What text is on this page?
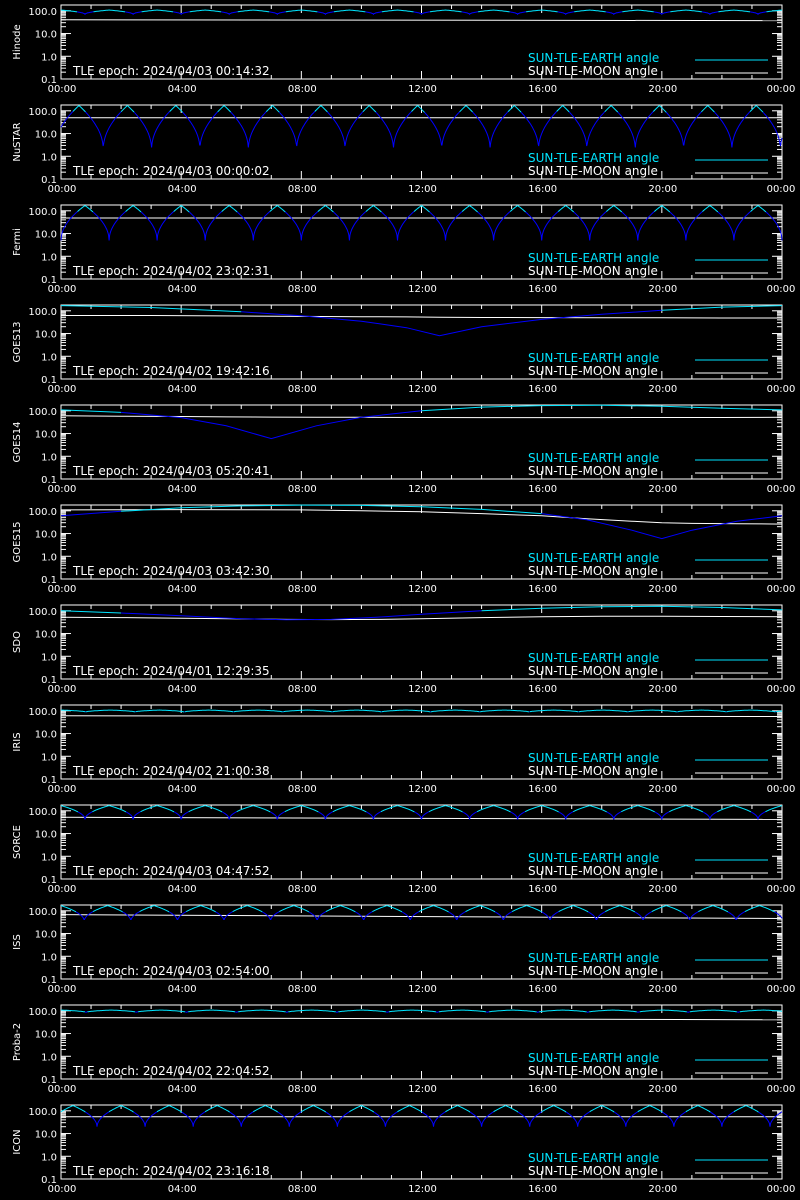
0.1
1.0
10.0
100.0
00:00	04:00	08:00	12:00	16:00	20:00	00:00
Hinode	SUN-TLE-EARTH angle
SUN-TLE-MOON angle
TLE epoch: 2024/04/03 00:14:32
0.1
1.0
10.0
100.0
00:00	04:00	08:00	12:00	16:00	20:00	00:00
NuSTAR	SUN-TLE-EARTH angle
SUN-TLE-MOON angle
TLE epoch: 2024/04/03 00:00:02
0.1
1.0
10.0
100.0
00:00	04:00	08:00	12:00	16:00	20:00	00:00
Fermi
SUN-TLE-EARTH angle
SUN-TLE-MOON angle
TLE epoch: 2024/04/02 23:02:31
0.1
1.0
10.0
100.0
00:00	04:00	08:00	12:00	16:00	20:00	00:00
GOES13	SUN-TLE-EARTH angle
SUN-TLE-MOON angle
TLE epoch: 2024/04/02 19:42:16
0.1
1.0
10.0
100.0
00:00	04:00	08:00	12:00	16:00	20:00	00:00
GOES14	SUN-TLE-EARTH angle
SUN-TLE-MOON angle
TLE epoch: 2024/04/03 05:20:41
0.1
1.0
10.0
100.0
00:00	04:00	08:00	12:00	16:00	20:00	00:00
GOES15	SUN-TLE-EARTH angle
SUN-TLE-MOON angle
TLE epoch: 2024/04/03 03:42:30
0.1
1.0
10.0
100.0
00:00	04:00	08:00	12:00	16:00	20:00	00:00
SDO
SUN-TLE-EARTH angle
SUN-TLE-MOON angle
TLE epoch: 2024/04/01 12:29:35
0.1
1.0
10.0
100.0
00:00	04:00	08:00	12:00	16:00	20:00	00:00
IRIS
SUN-TLE-EARTH angle
SUN-TLE-MOON angle
TLE epoch: 2024/04/02 21:00:38
0.1
1.0
10.0
100.0
00:00	04:00	08:00	12:00	16:00	20:00	00:00
SORCE	SUN-TLE-EARTH angle
SUN-TLE-MOON angle
TLE epoch: 2024/04/03 04:47:52
0.1
1.0
10.0
100.0
00:00	04:00	08:00	12:00	16:00	20:00	00:00
ISS
SUN-TLE-EARTH angle
SUN-TLE-MOON angle
TLE epoch: 2024/04/03 02:54:00
0.1
1.0
10.0
100.0
00:00	04:00	08:00	12:00	16:00	20:00	00:00
Proba-2	SUN-TLE-EARTH angle
SUN-TLE-MOON angle
TLE epoch: 2024/04/02 22:04:52
0.1
1.0
10.0
100.0
00:00	04:00	08:00	12:00	16:00	20:00	00:00
ICON
SUN-TLE-EARTH angle
SUN-TLE-MOON angle
TLE epoch: 2024/04/02 23:16:18
